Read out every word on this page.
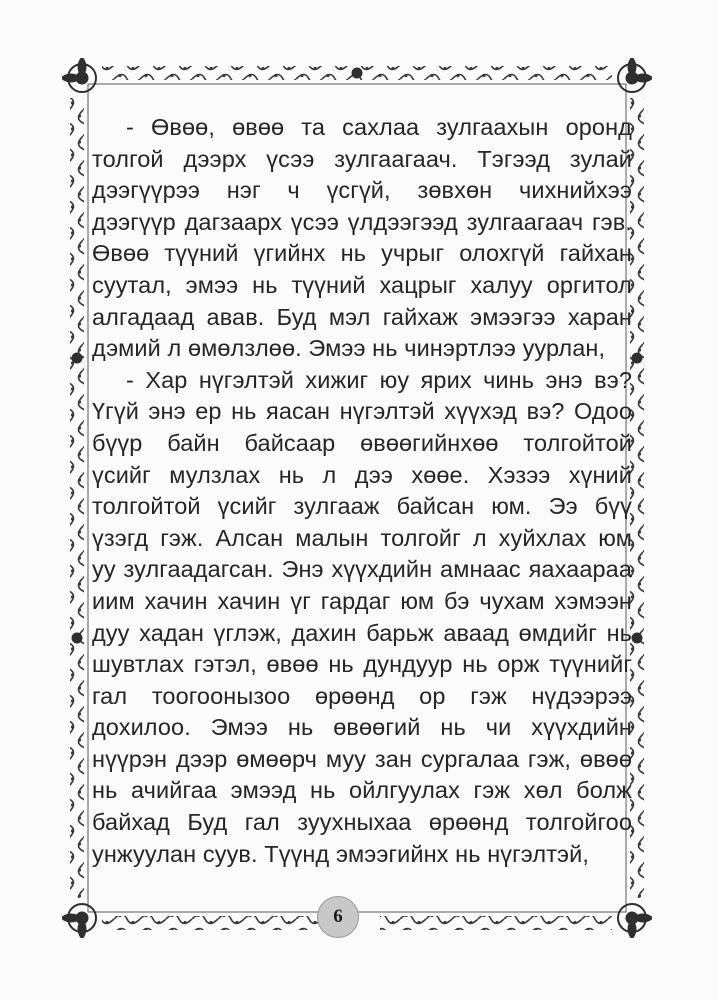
- Өвөө, өвөө та сахлаа зулгаахын оронд
толгой дээрх үсээ зулгаагаач. Тэгээд зулай
дээгүүрээ нэг ч үсгүй, зөвхөн чихнийхээ
дээгүүр дагзаарх үсээ үлдээгээд зулгаагаач гэв.
Өвөө түүний үгийнх нь учрыг олохгүй гайхан
суутал, эмээ нь түүний хацрыг халуу оргитол
алгадаад авав. Буд мэл гайхаж эмээгээ харан
дэмий л өмөлзлөө. Эмээ нь чинэртлээ уурлан,
- Хар нүгэлтэй хижиг юу ярих чинь энэ вэ?
Үгүй энэ ер нь яасан нүгэлтэй хүүхэд вэ? Одоо
бүүр байн байсаар өвөөгийнхөө толгойтой
үсийг мулзлах нь л дээ хөөе. Хэзээ хүний
толгойтой үсийг зулгааж байсан юм. Ээ бүү
үзэгд гэж. Алсан малын толгойг л хуйхлах юм
уу зулгаадагсан. Энэ хүүхдийн амнаас яахаараа
иим хачин хачин үг гардаг юм бэ чухам хэмээн
дуу хадан үглэж, дахин барьж аваад өмдийг нь
шувтлах гэтэл, өвөө нь дундуур нь орж түүнийг
гал тоогоонызоо өрөөнд ор гэж нүдээрээ
дохилоо. Эмээ нь өвөөгий нь чи хүүхдийн
нүүрэн дээр өмөөрч муу зан сургалаа гэж, өвөө
нь ачийгаа эмээд нь ойлгуулах гэж хөл болж
байхад Буд гал зуухныхаа өрөөнд толгойгоо
унжуулан суув. Түүнд эмээгийнх нь нүгэлтэй,
6
